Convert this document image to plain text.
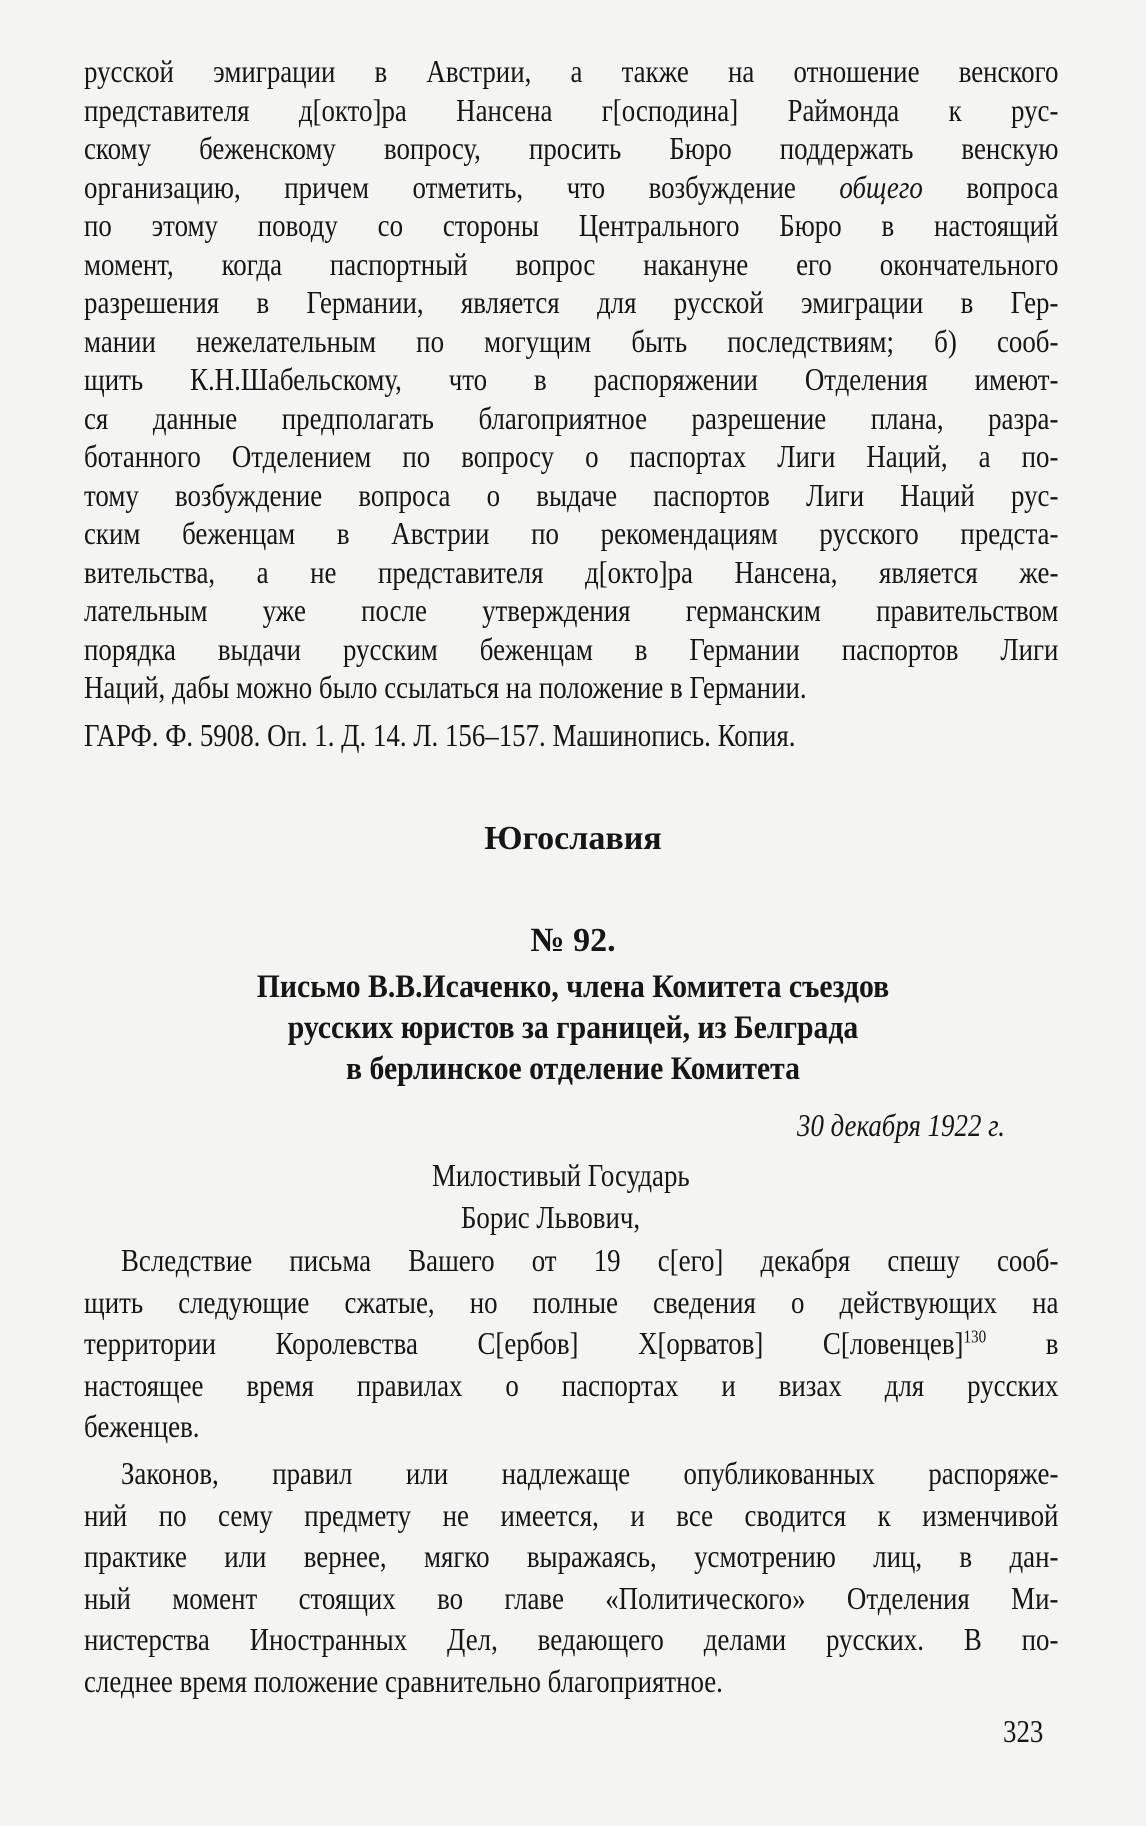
русской эмиграции в Австрии, а также на отношение венского
представителя д[окто]ра Нансена г[осподина] Раймонда к рус-
скому беженскому вопросу, просить Бюро поддержать венскую
организацию, причем отметить, что возбуждение общего вопроса
по этому поводу со стороны Центрального Бюро в настоящий
момент, когда паспортный вопрос накануне его окончательного
разрешения в Германии, является для русской эмиграции в Гер-
мании нежелательным по могущим быть последствиям; б) сооб-
щить К.Н.Шабельскому, что в распоряжении Отделения имеют-
ся данные предполагать благоприятное разрешение плана, разра-
ботанного Отделением по вопросу о паспортах Лиги Наций, а по-
тому возбуждение вопроса о выдаче паспортов Лиги Наций рус-
ским беженцам в Австрии по рекомендациям русского предста-
вительства, а не представителя д[окто]ра Нансена, является же-
лательным уже после утверждения германским правительством
порядка выдачи русским беженцам в Германии паспортов Лиги
Наций, дабы можно было ссылаться на положение в Германии.
ГАРФ. Ф. 5908. Оп. 1. Д. 14. Л. 156–157. Машинопись. Копия.
Югославия
№ 92.
Письмо В.В.Исаченко, члена Комитета съездов
русских юристов за границей, из Белграда
в берлинское отделение Комитета
30 декабря 1922 г.
Милостивый Государь
Борис Львович,
Вследствие письма Вашего от 19 с[его] декабря спешу сооб-
щить следующие сжатые, но полные сведения о действующих на
территории Королевства С[ербов] Х[орватов] С[ловенцев]$^{130}$ в
настоящее время правилах о паспортах и визах для русских
беженцев.
Законов, правил или надлежаще опубликованных распоряже-
ний по сему предмету не имеется, и все сводится к изменчивой
практике или вернее, мягко выражаясь, усмотрению лиц, в дан-
ный момент стоящих во главе «Политического» Отделения Ми-
нистерства Иностранных Дел, ведающего делами русских. В по-
следнее время положение сравнительно благоприятное.
323
